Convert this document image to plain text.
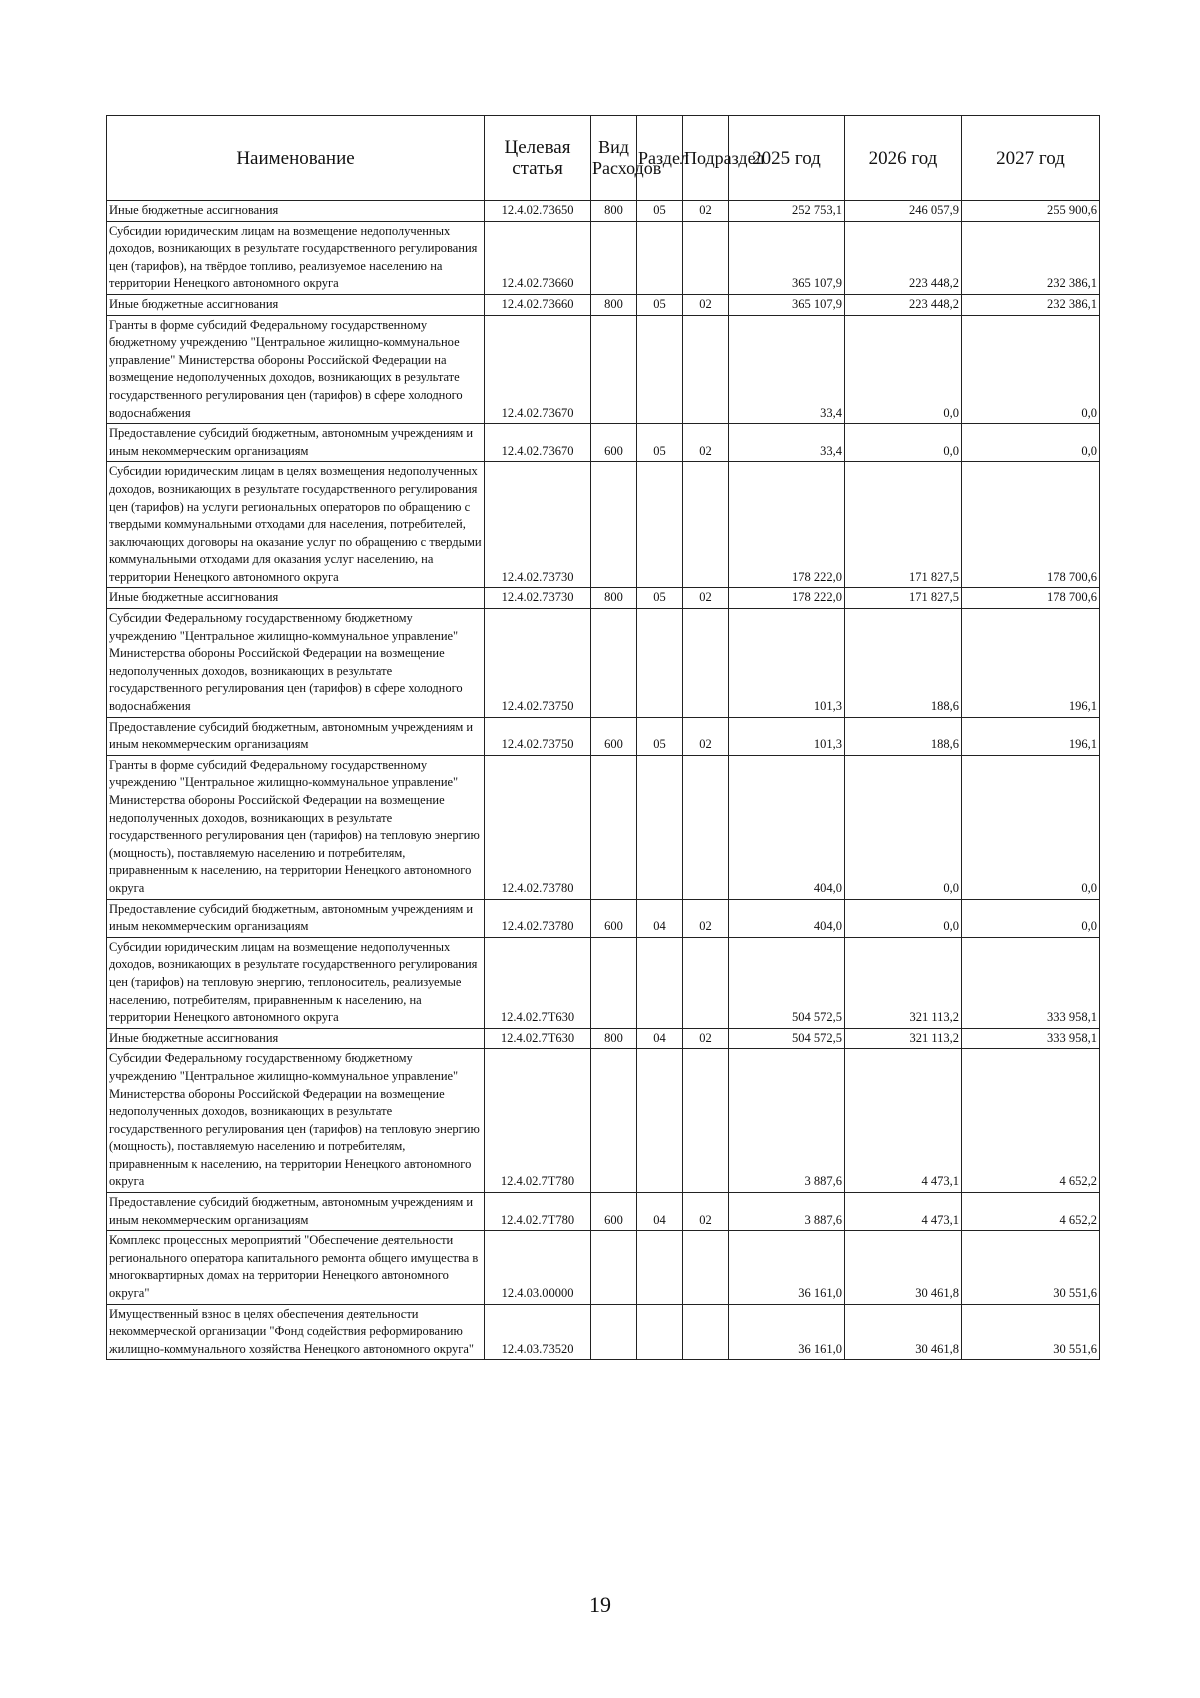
Наименование	Целевая статья	Вид Расходов	Раздел	Подраздел	2025 год	2026 год	2027 год
Иные бюджетные ассигнования	12.4.02.73650	800	05	02	252 753,1	246 057,9	255 900,6
Субсидии юридическим лицам на возмещение недополученных доходов, возникающих в результате государственного регулирования цен (тарифов), на твёрдое топливо, реализуемое населению на территории Ненецкого автономного округа	12.4.02.73660				365 107,9	223 448,2	232 386,1
Иные бюджетные ассигнования	12.4.02.73660	800	05	02	365 107,9	223 448,2	232 386,1
Гранты в форме субсидий Федеральному государственному бюджетному учреждению "Центральное жилищно-коммунальное управление" Министерства обороны Российской Федерации на возмещение недополученных доходов, возникающих в результате государственного регулирования цен (тарифов) в сфере холодного водоснабжения	12.4.02.73670				33,4	0,0	0,0
Предоставление субсидий бюджетным, автономным учреждениям и иным некоммерческим организациям	12.4.02.73670	600	05	02	33,4	0,0	0,0
Субсидии юридическим лицам в целях возмещения недополученных доходов, возникающих в результате государственного регулирования цен (тарифов) на услуги региональных операторов по обращению с твердыми коммунальными отходами для населения, потребителей, заключающих договоры на оказание услуг по обращению с твердыми коммунальными отходами для оказания услуг населению, на территории Ненецкого автономного округа	12.4.02.73730				178 222,0	171 827,5	178 700,6
Иные бюджетные ассигнования	12.4.02.73730	800	05	02	178 222,0	171 827,5	178 700,6
Субсидии Федеральному государственному бюджетному учреждению "Центральное жилищно-коммунальное управление" Министерства обороны Российской Федерации на возмещение недополученных доходов, возникающих в результате государственного регулирования цен (тарифов) в сфере холодного водоснабжения	12.4.02.73750				101,3	188,6	196,1
Предоставление субсидий бюджетным, автономным учреждениям и иным некоммерческим организациям	12.4.02.73750	600	05	02	101,3	188,6	196,1
Гранты в форме субсидий Федеральному государственному учреждению "Центральное жилищно-коммунальное управление" Министерства обороны Российской Федерации на возмещение недополученных доходов, возникающих в результате государственного регулирования цен (тарифов) на тепловую энергию (мощность), поставляемую населению и потребителям, приравненным к населению, на территории Ненецкого автономного округа	12.4.02.73780				404,0	0,0	0,0
Предоставление субсидий бюджетным, автономным учреждениям и иным некоммерческим организациям	12.4.02.73780	600	04	02	404,0	0,0	0,0
Субсидии юридическим лицам на возмещение недополученных доходов, возникающих в результате государственного регулирования цен (тарифов) на тепловую энергию, теплоноситель, реализуемые населению, потребителям, приравненным к населению, на территории Ненецкого автономного округа	12.4.02.7Т630				504 572,5	321 113,2	333 958,1
Иные бюджетные ассигнования	12.4.02.7Т630	800	04	02	504 572,5	321 113,2	333 958,1
Субсидии Федеральному государственному бюджетному учреждению "Центральное жилищно-коммунальное управление" Министерства обороны Российской Федерации на возмещение недополученных доходов, возникающих в результате государственного регулирования цен (тарифов) на тепловую энергию (мощность), поставляемую населению и потребителям, приравненным к населению, на территории Ненецкого автономного округа	12.4.02.7Т780				3 887,6	4 473,1	4 652,2
Предоставление субсидий бюджетным, автономным учреждениям и иным некоммерческим организациям	12.4.02.7Т780	600	04	02	3 887,6	4 473,1	4 652,2
Комплекс процессных мероприятий "Обеспечение деятельности регионального оператора капитального ремонта общего имущества в многоквартирных домах на территории Ненецкого автономного округа"	12.4.03.00000				36 161,0	30 461,8	30 551,6
Имущественный взнос в целях обеспечения деятельности некоммерческой организации "Фонд содействия реформированию жилищно-коммунального хозяйства Ненецкого автономного округа"	12.4.03.73520				36 161,0	30 461,8	30 551,6
19
